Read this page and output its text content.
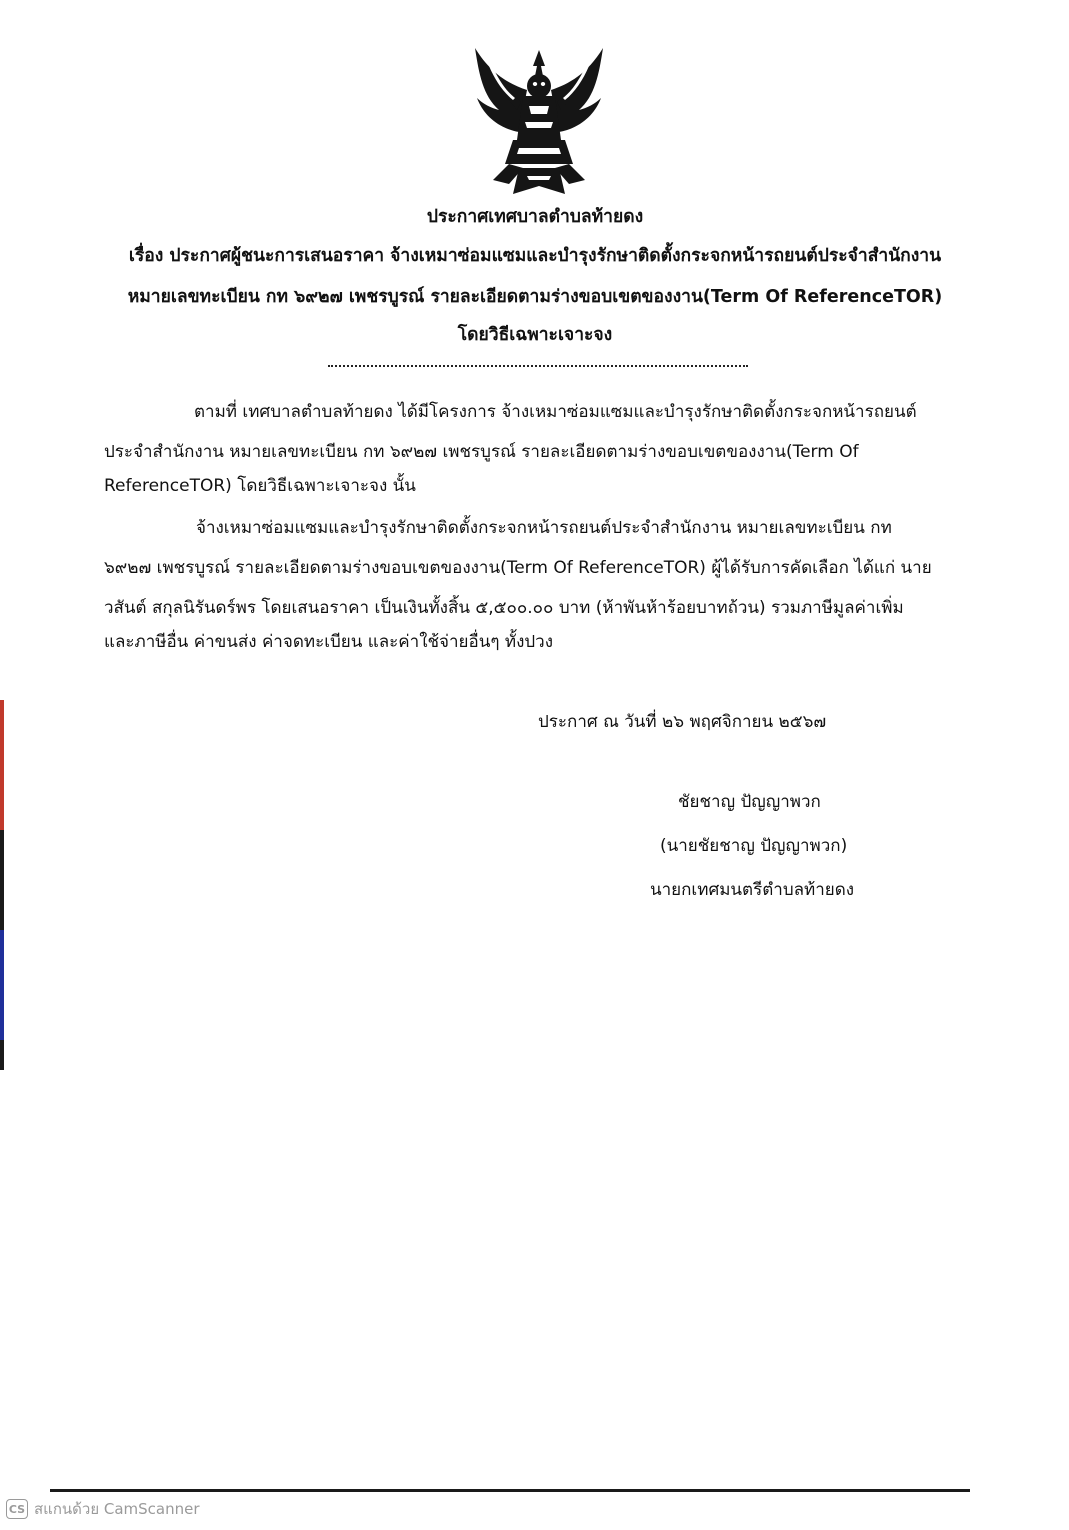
ประกาศเทศบาลตำบลท้ายดง
เรื่อง ประกาศผู้ชนะการเสนอราคา จ้างเหมาซ่อมแซมและบำรุงรักษาติดตั้งกระจกหน้ารถยนต์ประจำสำนักงาน
หมายเลขทะเบียน กท ๖๙๒๗ เพชรบูรณ์ รายละเอียดตามร่างขอบเขตของงาน(Term Of ReferenceTOR)
โดยวิธีเฉพาะเจาะจง
ตามที่ เทศบาลตำบลท้ายดง ได้มีโครงการ จ้างเหมาซ่อมแซมและบำรุงรักษาติดตั้งกระจกหน้ารถยนต์
ประจำสำนักงาน หมายเลขทะเบียน กท ๖๙๒๗ เพชรบูรณ์ รายละเอียดตามร่างขอบเขตของงาน(Term Of
ReferenceTOR) โดยวิธีเฉพาะเจาะจง นั้น
จ้างเหมาซ่อมแซมและบำรุงรักษาติดตั้งกระจกหน้ารถยนต์ประจำสำนักงาน หมายเลขทะเบียน กท
๖๙๒๗ เพชรบูรณ์ รายละเอียดตามร่างขอบเขตของงาน(Term Of ReferenceTOR) ผู้ได้รับการคัดเลือก ได้แก่ นาย
วสันต์ สกุลนิรันดร์พร โดยเสนอราคา เป็นเงินทั้งสิ้น ๕,๕๐๐.๐๐ บาท (ห้าพันห้าร้อยบาทถ้วน) รวมภาษีมูลค่าเพิ่ม
และภาษีอื่น ค่าขนส่ง ค่าจดทะเบียน และค่าใช้จ่ายอื่นๆ ทั้งปวง
ประกาศ ณ วันที่ ๒๖ พฤศจิกายน ๒๕๖๗
ชัยชาญ ปัญญาพวก
(นายชัยชาญ ปัญญาพวก)
นายกเทศมนตรีตำบลท้ายดง
CS สแกนด้วย CamScanner
